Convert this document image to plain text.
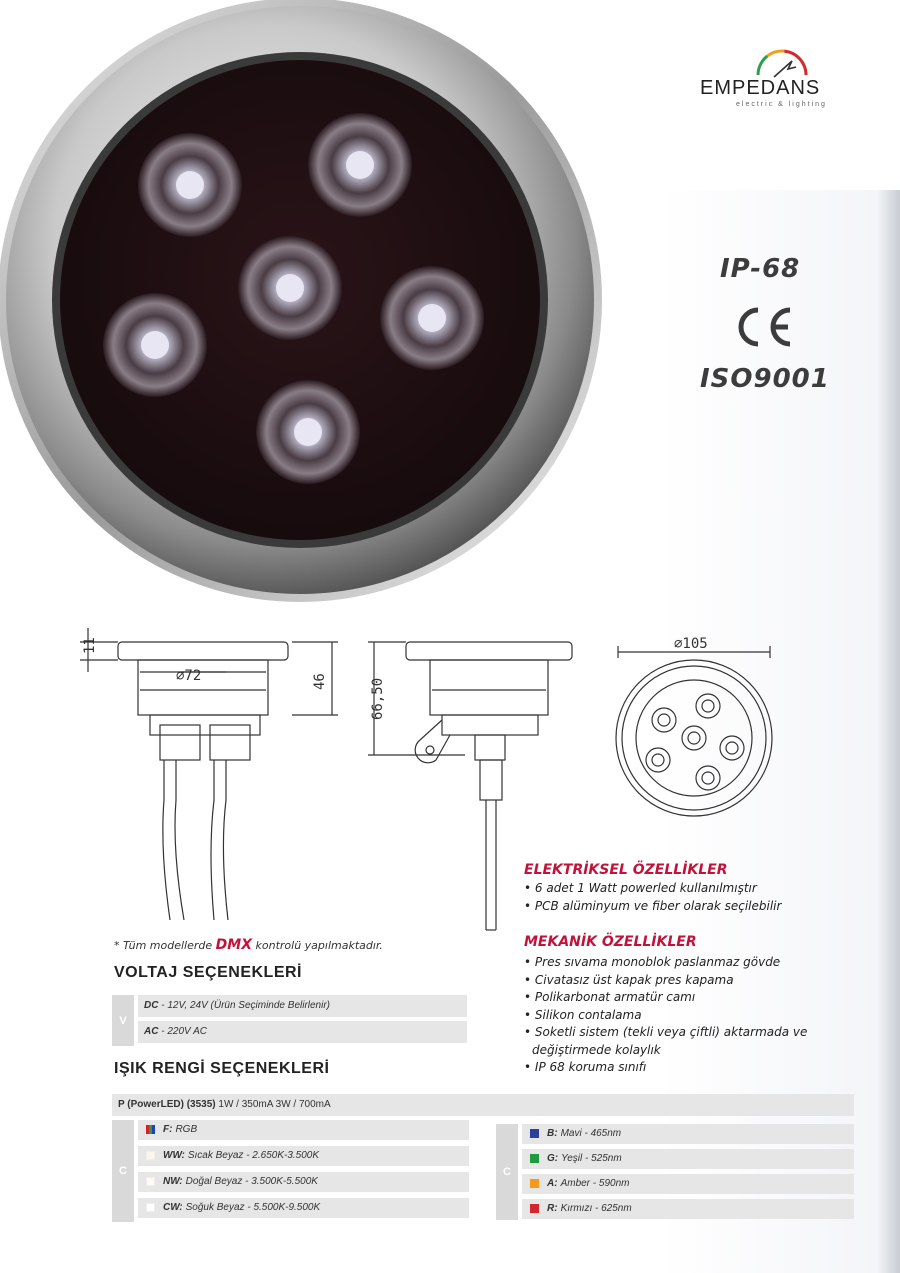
EMPEDANS
electric & lighting
IP-68
ISO9001
11
⌀72	46	66,50
⌀105
ELEKTRİKSEL ÖZELLİKLER
• 6 adet 1 Watt powerled kullanılmıştır
• PCB alüminyum ve fiber olarak seçilebilir
MEKANİK ÖZELLİKLER
• Pres sıvama monoblok paslanmaz gövde
• Civatasız üst kapak pres kapama
• Polikarbonat armatür camı
• Silikon contalama
• Soketli sistem (tekli veya çiftli) aktarmada ve
değiştirmede kolaylık
• IP 68 koruma sınıfı
* Tüm modellerde DMX kontrolü yapılmaktadır.
VOLTAJ SEÇENEKLERİ
V
DC - 12V, 24V (Ürün Seçiminde Belirlenir)
AC - 220V AC
IŞIK RENGİ SEÇENEKLERİ
P (PowerLED) (3535) 1W / 350mA 3W / 700mA
C
F: RGB
WW: Sıcak Beyaz - 2.650K-3.500K
NW: Doğal Beyaz - 3.500K-5.500K
CW: Soğuk Beyaz - 5.500K-9.500K
C
B: Mavi - 465nm
G: Yeşil - 525nm
A: Amber - 590nm
R: Kırmızı - 625nm
